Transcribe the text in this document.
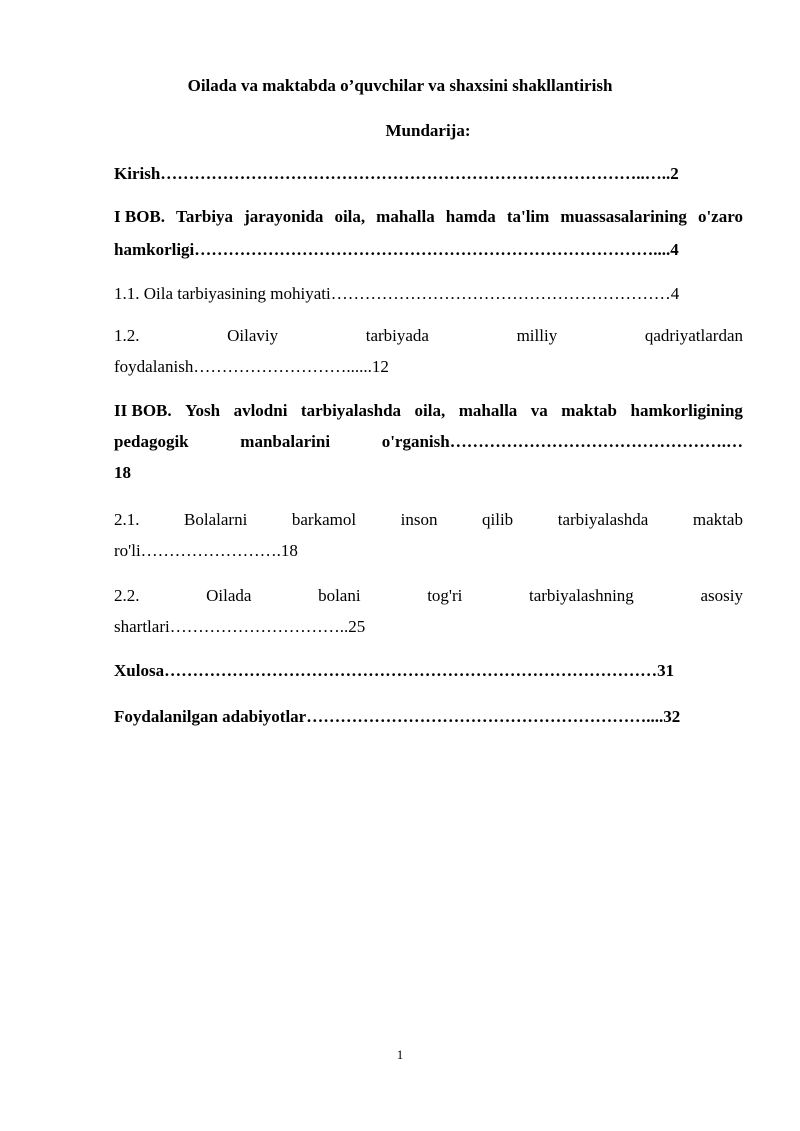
Oilada va maktabda o’quvchilar va shaxsini shakllantirish
Mundarija:
Kirish…………………………………………………………………………..…..2
I BOB. Tarbiya jarayonida oila, mahalla hamda ta'lim muassasalarining o'zaro
hamkorligi………………………………………………………………………....4
1.1. Oila tarbiyasining mohiyati……………………………………………………4
1.2.	Oilaviy	tarbiyada	milliy	qadriyatlardan
foydalanish………………………......12
II BOB. Yosh avlodni tarbiyalashda oila, mahalla va maktab hamkorligining
pedagogik	manbalarini	o'rganish………………………………………….…
18
2.1.	Bolalarni	barkamol	inson	qilib	tarbiyalashda	maktab
ro'li…………………….18
2.2.	Oilada	bolani	tog'ri	tarbiyalashning	asosiy
shartlari…………………………..25
Xulosa……………………………………………………………………………31
Foydalanilgan adabiyotlar……………………………………………………....32
1
